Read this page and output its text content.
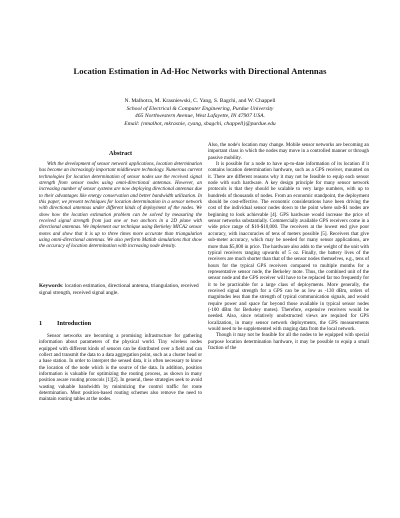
Location Estimation in Ad-Hoc Networks with Directional Antennas
N. Malhotra, M. Krasniewski, C. Yang, S. Bagchi, and W. Chappell
School of Electrical & Computer Engineering, Purdue University
465 Northwestern Avenue, West Lafayette, IN 47907 USA.
Email: {nmalhot, mkrasnie, cyang, sbagchi, chappell}@purdue.edu
Abstract

With the development of sensor network applications, location determination has become an increasingly important middleware technology. Numerous current technologies for location determination of sensor nodes use the received signal strength from sensor nodes using omni-directional antennas. However, an increasing number of sensor systems are now deploying directional antennas due to their advantages like energy conservation and better bandwidth utilization. In this paper, we present techniques for location determination in a sensor network with directional antennas under different kinds of deployment of the nodes. We show how the location estimation problem can be solved by measuring the received signal strength from just one or two anchors in a 2D plane with directional antennas. We implement our technique using Berkeley MICA2 sensor motes and show that it is up to three times more accurate than triangulation using omni-directional antennas. We also perform Matlab simulations that show the accuracy of location determination with increasing node density.

Keywords: location estimation, directional antenna, triangulation, received signal strength, received signal angle.
1 Introduction

Sensor networks are becoming a promising infrastructure for gathering information about parameters of the physical world. Tiny wireless nodes equipped with different kinds of sensors can be distributed over a field and can collect and transmit the data to a data aggregation point, such as a cluster head or a base station. In order to interpret the sensed data, it is often necessary to know the location of the node which is the source of the data. In addition, position information is valuable for optimizing the routing process, as shown in many position aware routing protocols [1][2]. In general, these strategies seek to avoid wasting valuable bandwidth by minimizing the control traffic for route determination. Most position-based routing schemes also remove the need to maintain routing tables at the nodes.

Also, the node's location may change. Mobile sensor networks are becoming an important class in which the nodes may move in a controlled manner or through passive mobility.

It is possible for a node to have up-to-date information of its location if it contains location determination hardware, such as a GPS receiver, mounted on it. There are different reasons why it may not be feasible to equip each sensor node with such hardware. A key design principle for many sensor network protocols is that they should be scalable to very large numbers, with up to hundreds of thousands of nodes. From an economic standpoint, the deployment should be cost-effective. The economic considerations have been driving the cost of the individual sensor nodes down to the point where sub-$1 nodes are beginning to look achievable [4]. GPS hardware would increase the price of sensor networks substantially. Commercially available GPS receivers come in a wide price range of $10-$10,000. The receivers at the lowest end give poor accuracy, with inaccuracies of tens of meters possible [5]. Receivers that give sub-meter accuracy, which may be needed for many sensor applications, are more than $5,000 in price. The hardware also adds to the weight of the unit with typical receivers ranging upwards of 5 oz. Finally, the battery lives of the receivers are much shorter than that of the sensor nodes themselves, e.g., tens of hours for the typical GPS receivers compared to multiple months for a representative sensor node, the Berkeley mote. Thus, the combined unit of the sensor node and the GPS receiver will have to be replaced far too frequently for it to be practicable for a large class of deployments. More generally, the received signal strength for a GPS can be as low as -130 dBm, orders of magnitudes less than the strength of typical communication signals, and would require power and space far beyond those available in typical sensor nodes (-100 dBm for Berkeley motes). Therefore, expensive receivers would be needed. Also, since relatively unobstructed views are required for GPS localization, in many sensor network deployments, the GPS measurements would need to be supplemented with ranging data from the local network.

Though it may not be feasible for all the nodes to be equipped with special purpose location determination hardware, it may be possible to equip a small fraction of the
